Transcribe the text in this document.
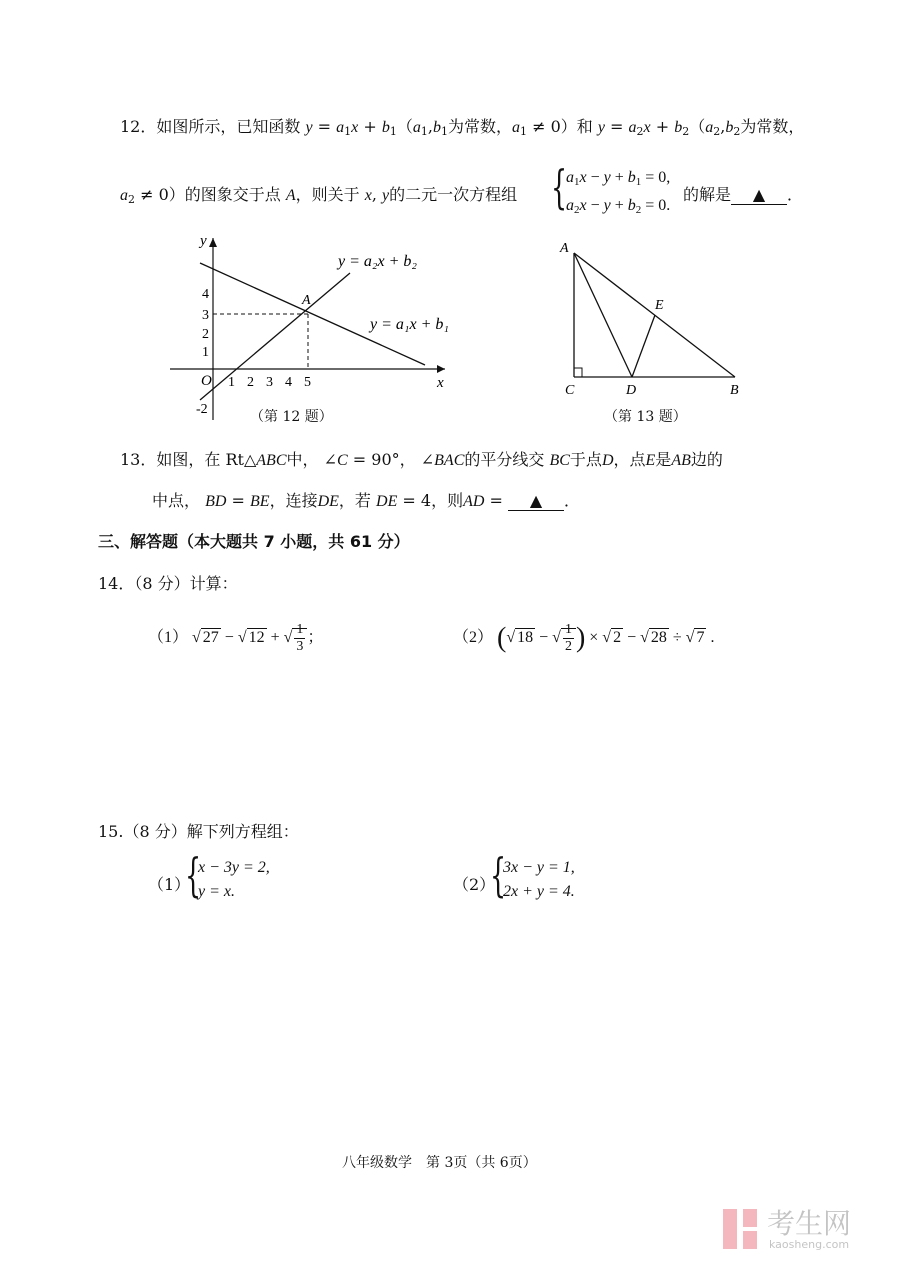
12．如图所示，已知函数 $y = a_1x + b_1(a_1,b_1$为常数，$a_1 \ne 0$）和 $y = a_2x + b_2(a_2,b_2$为常数，
$a_2 \ne 0$）的图象交于点 A，则关于 x, y的二元一次方程组 {
$a_1x - y + b_1 = 0$,
$a_2x - y + b_2 = 0$.
的解是 ▲ ．
y
x
O
A
1 2 3 4 5
4
3
2
1
-2
y = a₂x + b₂
y = a₁x + b₁
（第 12 题）
A
E
C	D	B
（第 13 题）
13．如图，在 Rt△ABC中， ∠C = 90°， ∠BAC的平分线交 BC于点D，点E是AB边的
中点， BD = BE，连接DE，若 DE = 4，则AD = ▲ ．
三、解答题（本大题共 7 小题，共 61 分）
14．（8 分）计算：
（1） √ 27 − √ 12 + √ $\frac{1}{3}$ ；	（2） (√ 18 − √ $\frac{1}{2}$ ) × √ 2 − √ 28 ÷ √ 7 .
15.（8 分）解下列方程组：
（1）
{
x − 3y = 2,
y = x.	（2）
{
3x − y = 1,
2x + y = 4.
八年级数学　第 3页（共 6页）
考生网
kaosheng.com
